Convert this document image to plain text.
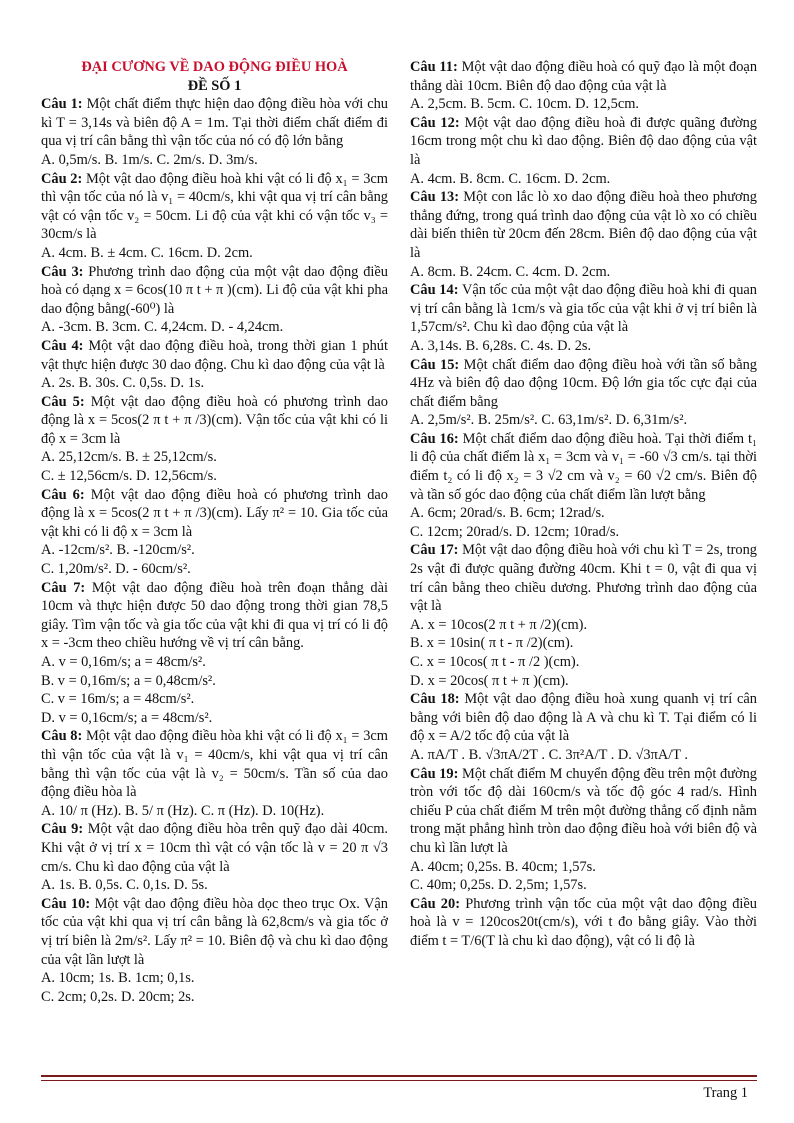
ĐẠI CƯƠNG VỀ DAO ĐỘNG ĐIỀU HOÀ
ĐỀ SỐ 1
Câu 1: Một chất điểm thực hiện dao động điều hòa với chu kì T = 3,14s và biên độ A = 1m. Tại thời điểm chất điểm đi qua vị trí cân bằng thì vận tốc của nó có độ lớn bằng
A. 0,5m/s. B. 1m/s. C. 2m/s. D. 3m/s.
Câu 2: Một vật dao động điều hoà khi vật có li độ x₁ = 3cm thì vận tốc của nó là v₁ = 40cm/s, khi vật qua vị trí cân bằng vật có vận tốc v₂ = 50cm. Li độ của vật khi có vận tốc v₃ = 30cm/s là
A. 4cm. B. ± 4cm. C. 16cm. D. 2cm.
Câu 3: Phương trình dao động của một vật dao động điều hoà có dạng x = 6cos(10 π t + π )(cm). Li độ của vật khi pha dao động bằng(-60⁰) là
A. -3cm. B. 3cm. C. 4,24cm. D. - 4,24cm.
Câu 4: Một vật dao động điều hoà, trong thời gian 1 phút vật thực hiện được 30 dao động. Chu kì dao động của vật là
A. 2s. B. 30s. C. 0,5s. D. 1s.
Câu 5: Một vật dao động điều hoà có phương trình dao động là x = 5cos(2 π t + π /3)(cm). Vận tốc của vật khi có li độ x = 3cm là
A. 25,12cm/s. B. ± 25,12cm/s.
C. ± 12,56cm/s. D. 12,56cm/s.
Câu 6: Một vật dao động điều hoà có phương trình dao động là x = 5cos(2 π t + π /3)(cm). Lấy π² = 10. Gia tốc của vật khi có li độ x = 3cm là
A. -12cm/s². B. -120cm/s².
C. 1,20m/s². D. - 60cm/s².
Câu 7: Một vật dao động điều hoà trên đoạn thẳng dài 10cm và thực hiện được 50 dao động trong thời gian 78,5 giây. Tìm vận tốc và gia tốc của vật khi đi qua vị trí có li độ x = -3cm theo chiều hướng về vị trí cân bằng.
A. v = 0,16m/s; a = 48cm/s².
B. v = 0,16m/s; a = 0,48cm/s².
C. v = 16m/s; a = 48cm/s².
D. v = 0,16cm/s; a = 48cm/s².
Câu 8: Một vật dao động điều hòa khi vật có li độ x₁ = 3cm thì vận tốc của vật là v₁ = 40cm/s, khi vật qua vị trí cân bằng thì vận tốc của vật là v₂ = 50cm/s. Tần số của dao động điều hòa là
A. 10/ π (Hz). B. 5/ π (Hz). C. π (Hz). D. 10(Hz).
Câu 9: Một vật dao động điều hòa trên quỹ đạo dài 40cm. Khi vật ở vị trí x = 10cm thì vật có vận tốc là v = 20 π √3 cm/s. Chu kì dao động của vật là
A. 1s. B. 0,5s. C. 0,1s. D. 5s.
Câu 10: Một vật dao động điều hòa dọc theo trục Ox. Vận tốc của vật khi qua vị trí cân bằng là 62,8cm/s và gia tốc ở vị trí biên là 2m/s². Lấy π² = 10. Biên độ và chu kì dao động của vật lần lượt là
A. 10cm; 1s. B. 1cm; 0,1s.
C. 2cm; 0,2s. D. 20cm; 2s.
Câu 11: Một vật dao động điều hoà có quỹ đạo là một đoạn thẳng dài 10cm. Biên độ dao động của vật là
A. 2,5cm. B. 5cm. C. 10cm. D. 12,5cm.
Câu 12: Một vật dao động điều hoà đi được quãng đường 16cm trong một chu kì dao động. Biên độ dao động của vật là
A. 4cm. B. 8cm. C. 16cm. D. 2cm.
Câu 13: Một con lắc lò xo dao động điều hoà theo phương thẳng đứng, trong quá trình dao động của vật lò xo có chiều dài biến thiên từ 20cm đến 28cm. Biên độ dao động của vật là
A. 8cm. B. 24cm. C. 4cm. D. 2cm.
Câu 14: Vận tốc của một vật dao động điều hoà khi đi quan vị trí cân bằng là 1cm/s và gia tốc của vật khi ở vị trí biên là 1,57cm/s². Chu kì dao động của vật là
A. 3,14s. B. 6,28s. C. 4s. D. 2s.
Câu 15: Một chất điểm dao động điều hoà với tần số bằng 4Hz và biên độ dao động 10cm. Độ lớn gia tốc cực đại của chất điểm bằng
A. 2,5m/s². B. 25m/s². C. 63,1m/s². D. 6,31m/s².
Câu 16: Một chất điểm dao động điều hoà. Tại thời điểm t₁ li độ của chất điểm là x₁ = 3cm và v₁ = -60 √3 cm/s. tại thời điểm t₂ có li độ x₂ = 3 √2 cm và v₂ = 60 √2 cm/s. Biên độ và tần số góc dao động của chất điểm lần lượt bằng
A. 6cm; 20rad/s. B. 6cm; 12rad/s.
C. 12cm; 20rad/s. D. 12cm; 10rad/s.
Câu 17: Một vật dao động điều hoà với chu kì T = 2s, trong 2s vật đi được quãng đường 40cm. Khi t = 0, vật đi qua vị trí cân bằng theo chiều dương. Phương trình dao động của vật là
A. x = 10cos(2 π t + π /2)(cm).
B. x = 10sin( π t - π /2)(cm).
C. x = 10cos( π t - π /2 )(cm).
D. x = 20cos( π t + π )(cm).
Câu 18: Một vật dao động điều hoà xung quanh vị trí cân bằng với biên độ dao động là A và chu kì T. Tại điểm có li độ x = A/2 tốc độ của vật là
A. πA/T . B. √3πA/2T . C. 3π²A/T . D. √3πA/T .
Câu 19: Một chất điểm M chuyển động đều trên một đường tròn với tốc độ dài 160cm/s và tốc độ góc 4 rad/s. Hình chiếu P của chất điểm M trên một đường thẳng cố định nằm trong mặt phẳng hình tròn dao động điều hoà với biên độ và chu kì lần lượt là
A. 40cm; 0,25s. B. 40cm; 1,57s.
C. 40m; 0,25s. D. 2,5m; 1,57s.
Câu 20: Phương trình vận tốc của một vật dao động điều hoà là v = 120cos20t(cm/s), với t đo bằng giây. Vào thời điểm t = T/6(T là chu kì dao động), vật có li độ là
Trang 1
